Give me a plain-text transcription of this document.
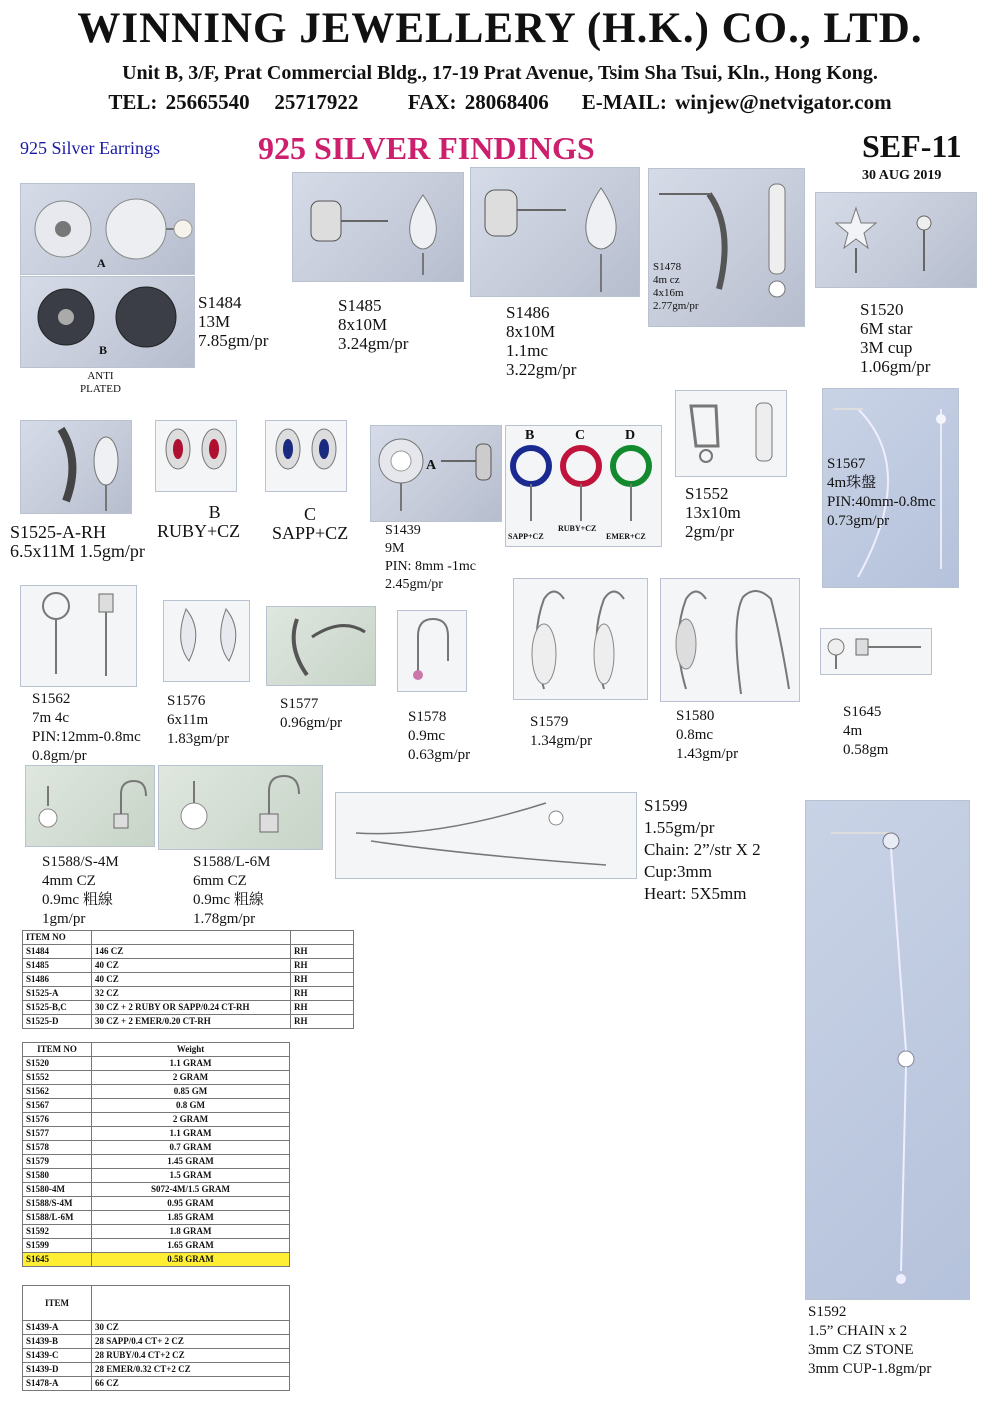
WINNING JEWELLERY (H.K.) CO., LTD.
Unit B, 3/F, Prat Commercial Bldg., 17-19 Prat Avenue, Tsim Sha Tsui, Kln., Hong Kong.
TEL: 25665540   25717922      FAX: 28068406    E-MAIL: winjew@netvigator.com
925 Silver Earrings	925 SILVER FINDINGS	SEF-11
30 AUG 2019
A
B
ANTI
PLATED
S1478
4m cz
4x16m
2.77gm/pr
A
B	C	D
SAPP+CZ
RUBY+CZ
EMER+CZ
S1567
4m珠盤
PIN:40mm-0.8mc
0.73gm/pr
S1484
13M
7.85gm/pr
S1485
8x10M
3.24gm/pr
S1486
8x10M
1.1mc
3.22gm/pr
S1520
6M star
3M cup
1.06gm/pr
S1525-A-RH
6.5x11M 1.5gm/pr
B
RUBY+CZ
C
SAPP+CZ	S1439
9M
PIN: 8mm -1mc
2.45gm/pr
S1552
13x10m
2gm/pr
S1562
7m 4c
PIN:12mm-0.8mc
0.8gm/pr
S1576
6x11m
1.83gm/pr
S1577
0.96gm/pr	S1578
0.9mc
0.63gm/pr
S1579
1.34gm/pr
S1580
0.8mc
1.43gm/pr
S1645
4m
0.58gm
S1588/S-4M
4mm CZ
0.9mc 粗線
1gm/pr
S1588/L-6M
6mm CZ
0.9mc 粗線
1.78gm/pr
S1599
1.55gm/pr
Chain: 2”/str X 2
Cup:3mm
Heart: 5X5mm
S1592
1.5” CHAIN x 2
3mm CZ STONE
3mm CUP-1.8gm/pr
ITEM NO		
S1484	146 CZ	RH
S1485	40 CZ	RH
S1486	40 CZ	RH
S1525-A	32 CZ	RH
S1525-B,C	30 CZ + 2 RUBY OR SAPP/0.24 CT-RH	RH
S1525-D	30 CZ + 2 EMER/0.20 CT-RH	RH
ITEM NO	Weight
S1520	1.1 GRAM
S1552	2 GRAM
S1562	0.85 GM
S1567	0.8 GM
S1576	2 GRAM
S1577	1.1 GRAM
S1578	0.7 GRAM
S1579	1.45 GRAM
S1580	1.5 GRAM
S1580-4M	S072-4M/1.5 GRAM
S1588/S-4M	0.95 GRAM
S1588/L-6M	1.85 GRAM
S1592	1.8 GRAM
S1599	1.65 GRAM
S1645	0.58 GRAM
ITEM	
S1439-A	30 CZ
S1439-B	28 SAPP/0.4 CT+ 2 CZ
S1439-C	28 RUBY/0.4 CT+2 CZ
S1439-D	28 EMER/0.32 CT+2 CZ
S1478-A	66 CZ
